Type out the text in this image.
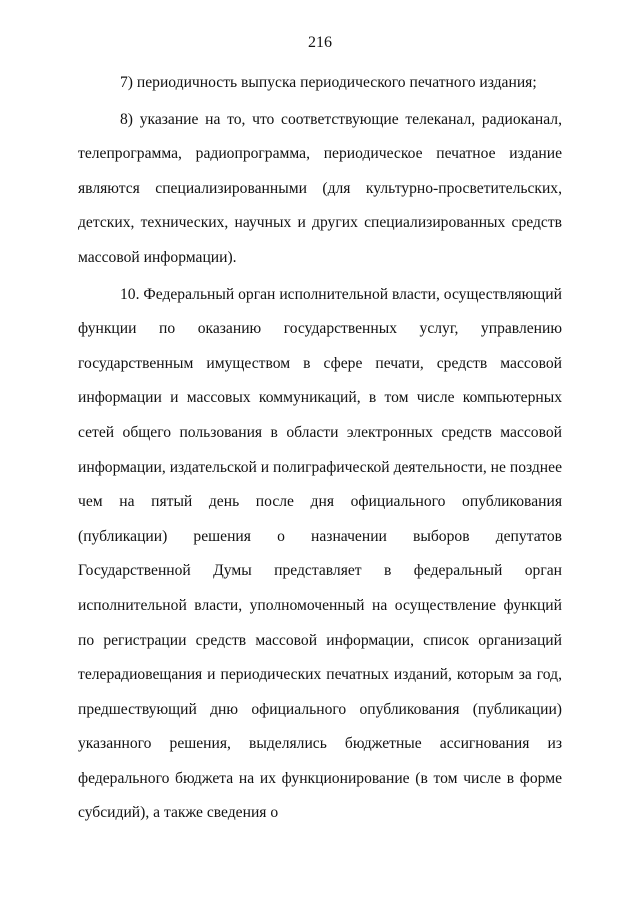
216

7) периодичность выпуска периодического печатного издания;

8) указание на то, что соответствующие телеканал, радиоканал, телепрограмма, радиопрограмма, периодическое печатное издание являются специализированными (для культурно-просветительских, детских, технических, научных и других специализированных средств массовой информации).

10. Федеральный орган исполнительной власти, осуществляющий функции по оказанию государственных услуг, управлению государственным имуществом в сфере печати, средств массовой информации и массовых коммуникаций, в том числе компьютерных сетей общего пользования в области электронных средств массовой информации, издательской и полиграфической деятельности, не позднее чем на пятый день после дня официального опубликования (публикации) решения о назначении выборов депутатов Государственной Думы представляет в федеральный орган исполнительной власти, уполномоченный на осуществление функций по регистрации средств массовой информации, список организаций телерадиовещания и периодических печатных изданий, которым за год, предшествующий дню официального опубликования (публикации) указанного решения, выделялись бюджетные ассигнования из федерального бюджета на их функционирование (в том числе в форме субсидий), а также сведения о
